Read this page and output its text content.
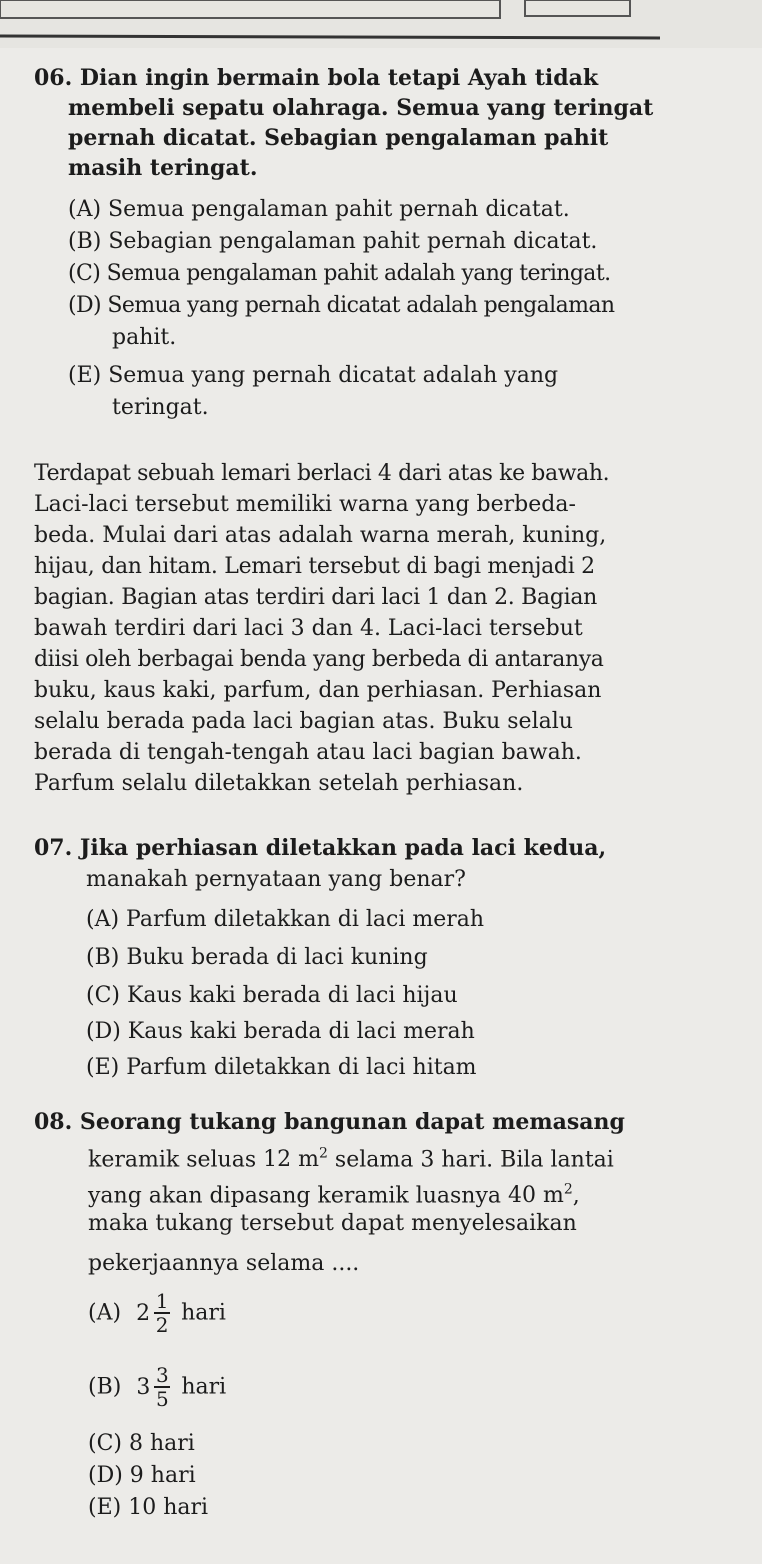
06. Dian ingin bermain bola tetapi Ayah tidak

membeli sepatu olahraga. Semua yang teringat

pernah dicatat. Sebagian pengalaman pahit

masih teringat.

(A) Semua pengalaman pahit pernah dicatat.

(B) Sebagian pengalaman pahit pernah dicatat.

(C) Semua pengalaman pahit adalah yang teringat.

(D) Semua yang pernah dicatat adalah pengalaman

pahit.

(E) Semua yang pernah dicatat adalah yang

teringat.

Terdapat sebuah lemari berlaci 4 dari atas ke bawah.

Laci-laci tersebut memiliki warna yang berbeda-

beda. Mulai dari atas adalah warna merah, kuning,

hijau, dan hitam. Lemari tersebut di bagi menjadi 2

bagian. Bagian atas terdiri dari laci 1 dan 2. Bagian

bawah terdiri dari laci 3 dan 4. Laci-laci tersebut

diisi oleh berbagai benda yang berbeda di antaranya

buku, kaus kaki, parfum, dan perhiasan. Perhiasan

selalu berada pada laci bagian atas. Buku selalu

berada di tengah-tengah atau laci bagian bawah.

Parfum selalu diletakkan setelah perhiasan.

07. Jika perhiasan diletakkan pada laci kedua,

manakah pernyataan yang benar?

(A) Parfum diletakkan di laci merah

(B) Buku berada di laci kuning

(C) Kaus kaki berada di laci hijau

(D) Kaus kaki berada di laci merah

(E) Parfum diletakkan di laci hitam

08. Seorang tukang bangunan dapat memasang

keramik seluas 12 $m^2$ selama 3 hari. Bila lantai

yang akan dipasang keramik luasnya 40 $m^2$,

maka tukang tersebut dapat menyelesaikan

pekerjaannya selama ....

(A) $2 \frac{1}{2}$ hari
(B) $3 \frac{3}{5}$ hari

(C) 8 hari

(D) 9 hari

(E) 10 hari
